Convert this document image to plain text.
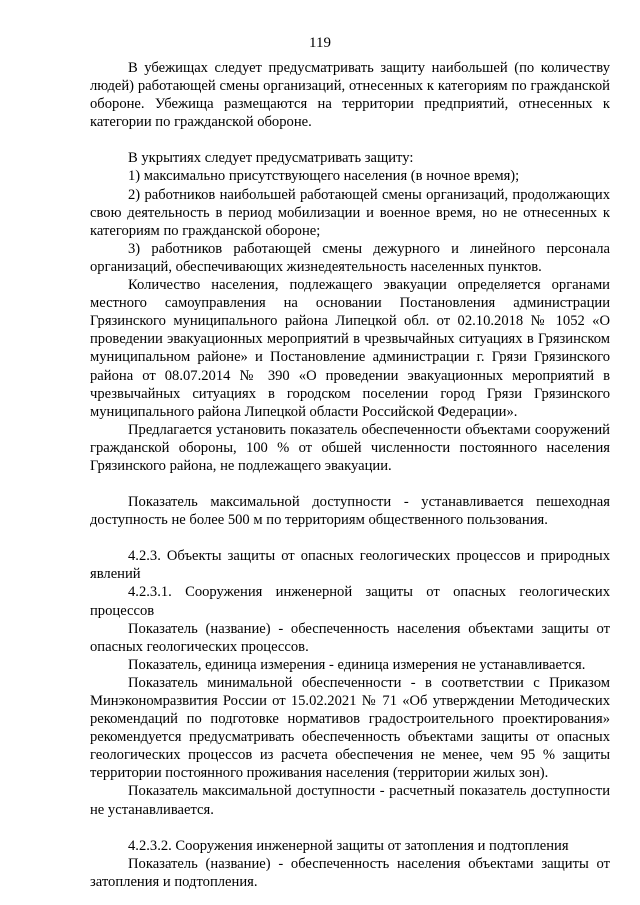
119

В убежищах следует предусматривать защиту наибольшей (по количеству людей) работающей смены организаций, отнесенных к категориям по гражданской обороне. Убежища размещаются на территории предприятий, отнесенных к категории по гражданской обороне.

В укрытиях следует предусматривать защиту:

1) максимально присутствующего населения (в ночное время);

2) работников наибольшей работающей смены организаций, продолжающих свою деятельность в период мобилизации и военное время, но не отнесенных к категориям по гражданской обороне;

3) работников работающей смены дежурного и линейного персонала организаций, обеспечивающих жизнедеятельность населенных пунктов.

Количество населения, подлежащего эвакуации определяется органами местного самоуправления на основании Постановления администрации Грязинского муниципального района Липецкой обл. от 02.10.2018 № 1052 «О проведении эвакуационных мероприятий в чрезвычайных ситуациях в Грязинском муниципальном районе» и Постановление администрации г. Грязи Грязинского района от 08.07.2014 № 390 «О проведении эвакуационных мероприятий в чрезвычайных ситуациях в городском поселении город Грязи Грязинского муниципального района Липецкой области Российской Федерации».

Предлагается установить показатель обеспеченности объектами сооружений гражданской обороны, 100 % от обшей численности постоянного населения Грязинского района, не подлежащего эвакуации.

Показатель максимальной доступности - устанавливается пешеходная доступность не более 500 м по территориям общественного пользования.

4.2.3. Объекты защиты от опасных геологических процессов и природных явлений

4.2.3.1. Сооружения инженерной защиты от опасных геологических процессов

Показатель (название) - обеспеченность населения объектами защиты от опасных геологических процессов.

Показатель, единица измерения - единица измерения не устанавливается.

Показатель минимальной обеспеченности - в соответствии с Приказом Минэкономразвития России от 15.02.2021 № 71 «Об утверждении Методических рекомендаций по подготовке нормативов градостроительного проектирования» рекомендуется предусматривать обеспеченность объектами защиты от опасных геологических процессов из расчета обеспечения не менее, чем 95 % защиты территории постоянного проживания населения (территории жилых зон).

Показатель максимальной доступности - расчетный показатель доступности не устанавливается.

4.2.3.2. Сооружения инженерной защиты от затопления и подтопления

Показатель (название) - обеспеченность населения объектами защиты от затопления и подтопления.
